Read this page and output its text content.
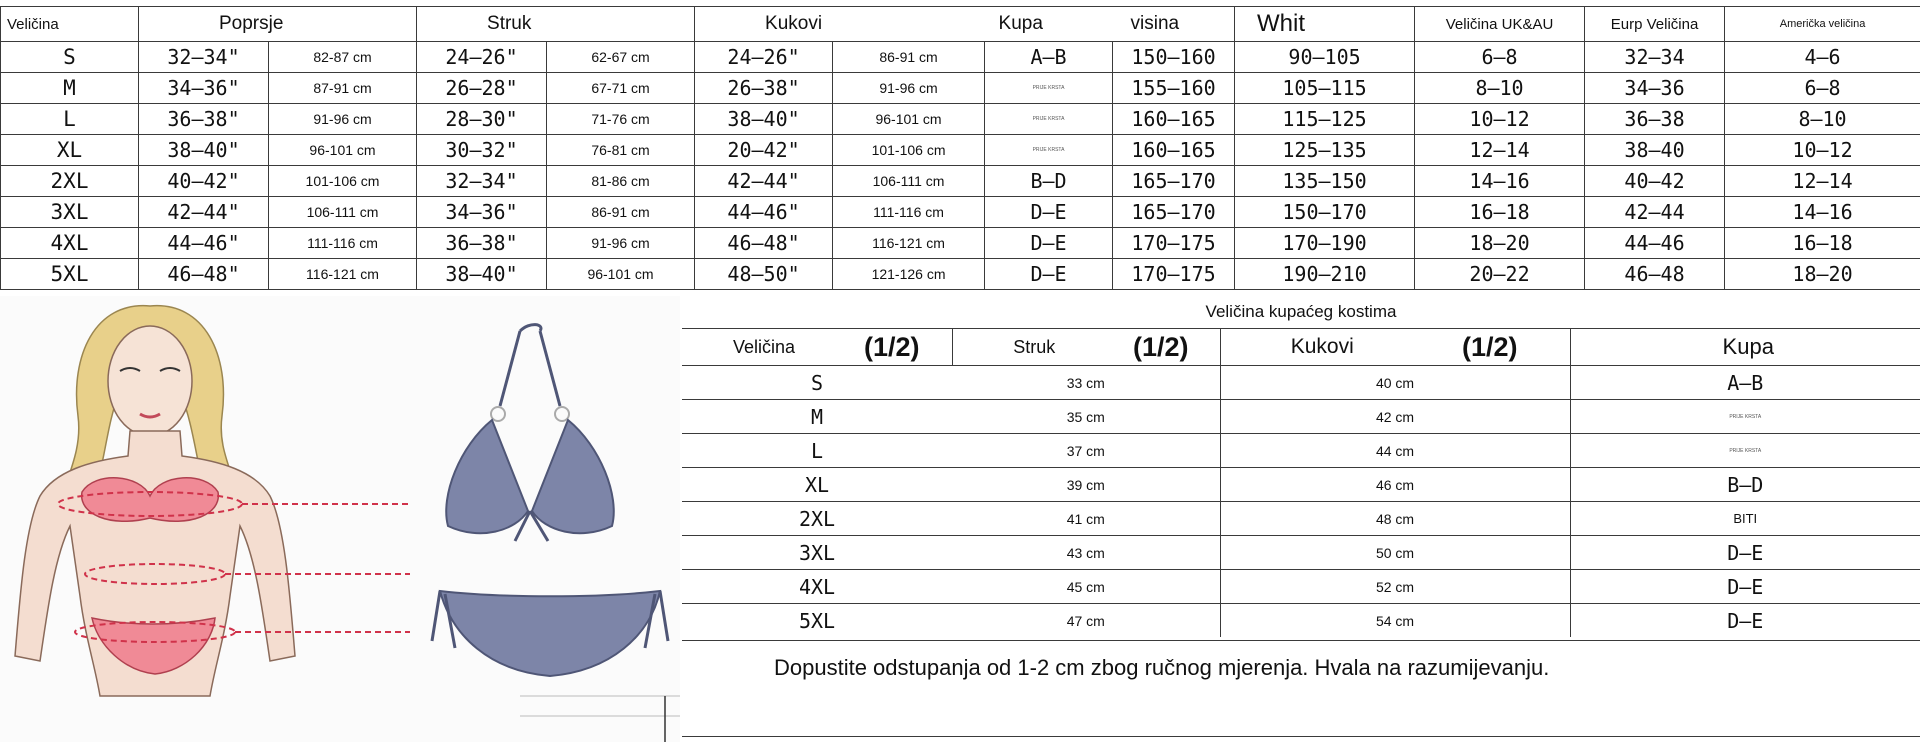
Veličina	Poprsje		Struk		Kukovi		Kupa	visina	Whit	Veličina UK&AU	Eurp Veličina	Američka veličina
S	32–34"	82-87 cm	24–26"	62-67 cm	24–26"	86-91 cm	A–B	150–160	90–105	6–8	32–34	4–6
M	34–36"	87-91 cm	26–28"	67-71 cm	26–38"	91-96 cm	PRIJE KRSTA	155–160	105–115	8–10	34–36	6–8
L	36–38"	91-96 cm	28–30"	71-76 cm	38–40"	96-101 cm	PRIJE KRSTA	160–165	115–125	10–12	36–38	8–10
XL	38–40"	96-101 cm	30–32"	76-81 cm	20–42"	101-106 cm	PRIJE KRSTA	160–165	125–135	12–14	38–40	10–12
2XL	40–42"	101-106 cm	32–34"	81-86 cm	42–44"	106-111 cm	B–D	165–170	135–150	14–16	40–42	12–14
3XL	42–44"	106-111 cm	34–36"	86-91 cm	44–46"	111-116 cm	D–E	165–170	150–170	16–18	42–44	14–16
4XL	44–46"	111-116 cm	36–38"	91-96 cm	46–48"	116-121 cm	D–E	170–175	170–190	18–20	44–46	16–18
5XL	46–48"	116-121 cm	38–40"	96-101 cm	48–50"	121-126 cm	D–E	170–175	190–210	20–22	46–48	18–20
Veličina kupaćeg kostima
Veličina	(1/2)	Struk	(1/2)	Kukovi	(1/2)	Kupa
S		33 cm		40 cm		A–B
M		35 cm		42 cm		PRIJE KRSTA
L		37 cm		44 cm		PRIJE KRSTA
XL		39 cm		46 cm		B–D
2XL		41 cm		48 cm		BITI
3XL		43 cm		50 cm		D–E
4XL		45 cm		52 cm		D–E
5XL		47 cm		54 cm		D–E
Dopustite odstupanja od 1-2 cm zbog ručnog mjerenja. Hvala na razumijevanju.
